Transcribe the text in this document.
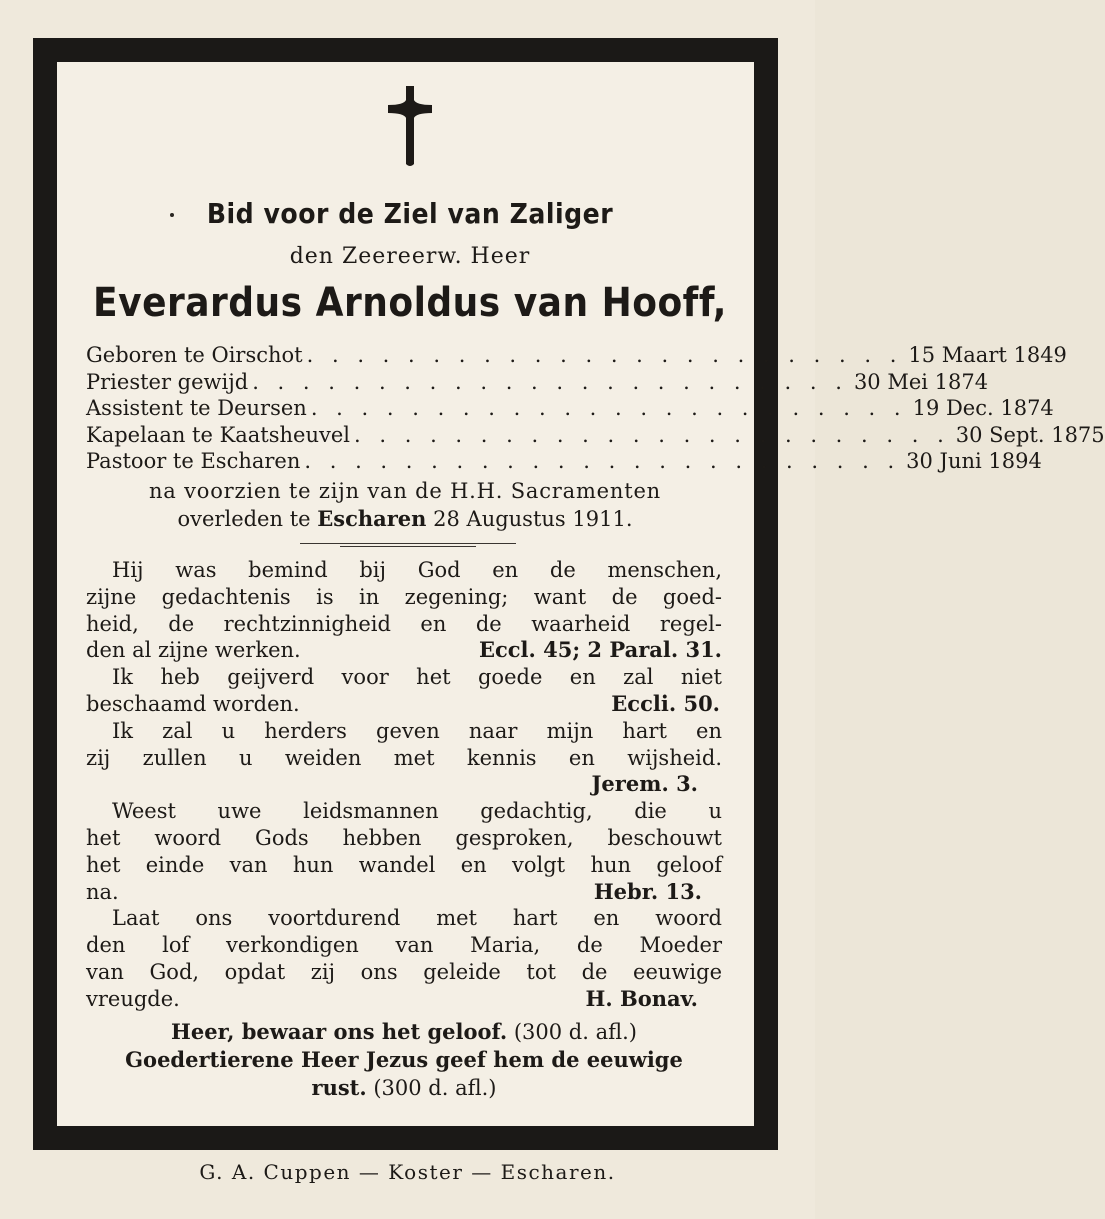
Bid voor de Ziel van Zaliger
den Zeereerw. Heer
Everardus Arnoldus van Hooff,
Geboren te Oirschot . . . . . . . . . . . . . . . . . . . . . . . . 15 Maart 1849
Priester gewijd . . . . . . . . . . . . . . . . . . . . . . . . 30 Mei 1874
Assistent te Deursen . . . . . . . . . . . . . . . . . . . . . . . . 19 Dec. 1874
Kapelaan te Kaatsheuvel . . . . . . . . . . . . . . . . . . . . . . . . 30 Sept. 1875
Pastoor te Escharen . . . . . . . . . . . . . . . . . . . . . . . . 30 Juni 1894
na voorzien te zijn van de H.H. Sacramenten
overleden te Escharen 28 Augustus 1911.
Hij was bemind bij God en de menschen,
zijne gedachtenis is in zegening; want de goed-
heid, de rechtzinnigheid en de waarheid regel-
den al zijne werken.	Eccl. 45; 2 Paral. 31.
Ik heb geijverd voor het goede en zal niet
beschaamd worden.	Eccli. 50.
Ik zal u herders geven naar mijn hart en
zij zullen u weiden met kennis en wijsheid.
Jerem. 3.
Weest uwe leidsmannen gedachtig, die u
het woord Gods hebben gesproken, beschouwt
het einde van hun wandel en volgt hun geloof
na.	Hebr. 13.
Laat ons voortdurend met hart en woord
den lof verkondigen van Maria, de Moeder
van God, opdat zij ons geleide tot de eeuwige
vreugde.	H. Bonav.
Heer, bewaar ons het geloof. (300 d. afl.)
Goedertierene Heer Jezus geef hem de eeuwige
rust. (300 d. afl.)
G. A. Cuppen — Koster — Escharen.
